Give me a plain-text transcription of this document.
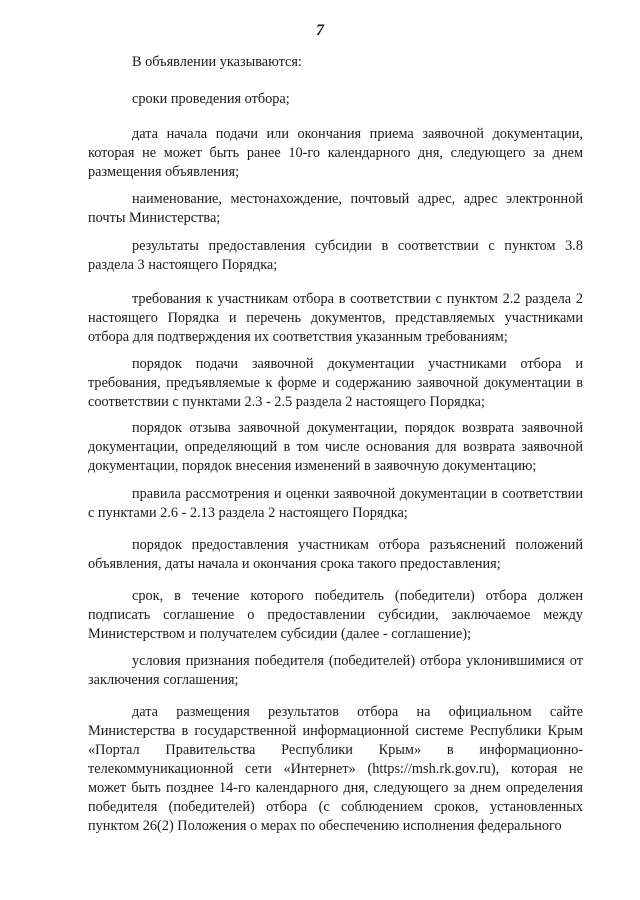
7

В объявлении указываются:

сроки проведения отбора;

дата начала подачи или окончания приема заявочной документации, которая не может быть ранее 10-го календарного дня, следующего за днем размещения объявления;

наименование, местонахождение, почтовый адрес, адрес электронной почты Министерства;

результаты предоставления субсидии в соответствии с пунктом 3.8 раздела 3 настоящего Порядка;

требования к участникам отбора в соответствии с пунктом 2.2 раздела 2 настоящего Порядка и перечень документов, представляемых участниками отбора для подтверждения их соответствия указанным требованиям;

порядок подачи заявочной документации участниками отбора и требования, предъявляемые к форме и содержанию заявочной документации в соответствии с пунктами 2.3 - 2.5 раздела 2 настоящего Порядка;

порядок отзыва заявочной документации, порядок возврата заявочной документации, определяющий в том числе основания для возврата заявочной документации, порядок внесения изменений в заявочную документацию;

правила рассмотрения и оценки заявочной документации в соответствии с пунктами 2.6 - 2.13 раздела 2 настоящего Порядка;

порядок предоставления участникам отбора разъяснений положений объявления, даты начала и окончания срока такого предоставления;

срок, в течение которого победитель (победители) отбора должен подписать соглашение о предоставлении субсидии, заключаемое между Министерством и получателем субсидии (далее - соглашение);

условия признания победителя (победителей) отбора уклонившимися от заключения соглашения;

дата размещения результатов отбора на официальном сайте Министерства в государственной информационной системе Республики Крым «Портал Правительства Республики Крым» в информационно-телекоммуникационной сети «Интернет» (https://msh.rk.gov.ru), которая не может быть позднее 14-го календарного дня, следующего за днем определения победителя (победителей) отбора (с соблюдением сроков, установленных пунктом 26(2) Положения о мерах по обеспечению исполнения федерального
